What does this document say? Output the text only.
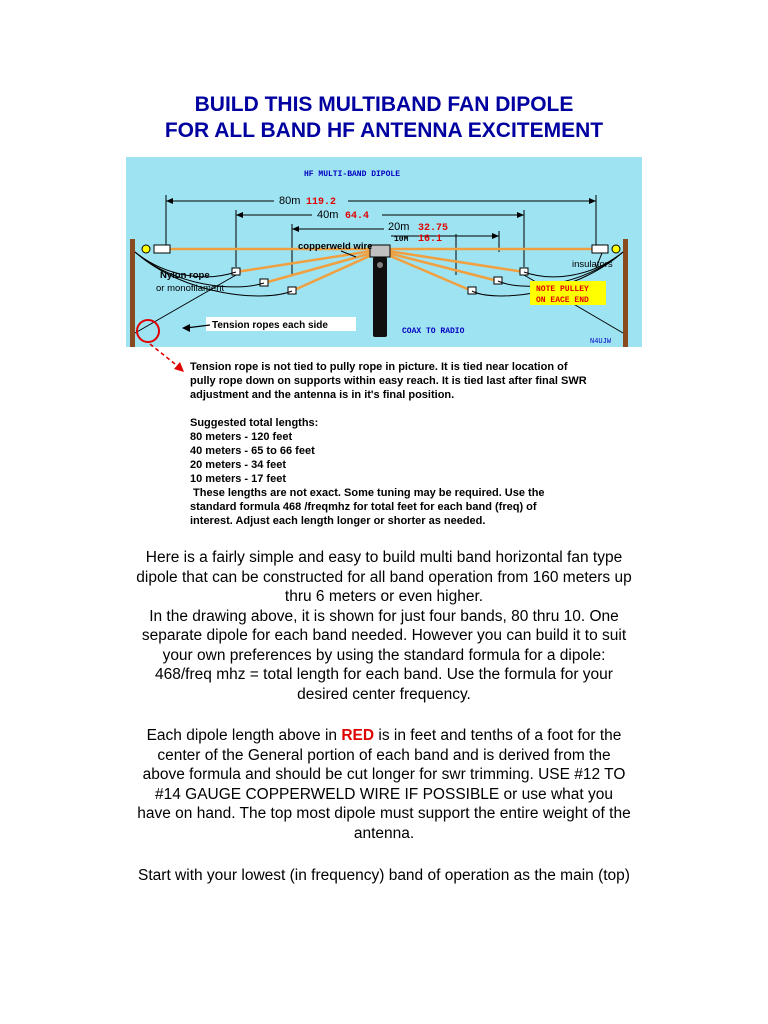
BUILD THIS MULTIBAND FAN DIPOLE
FOR ALL BAND HF ANTENNA EXCITEMENT
HF MULTI-BAND DIPOLE
80m 119.2
40m 64.4
20m 32.75
10M 16.1
copperweld wire
Nylon rope
or monofilament
insulators
NOTE PULLEY
ON EACE END
COAX TO RADIO
N4UJW
Tension ropes each side

Tension rope is not tied to pully rope in picture. It is tied near location of

pully rope down on supports within easy reach. It is tied last after final SWR

adjustment and the antenna is in it's final position.

Suggested total lengths:

80 meters - 120 feet

40 meters - 65 to 66 feet

20 meters - 34 feet

10 meters - 17 feet

These lengths are not exact. Some tuning may be required. Use the

standard formula 468 /freqmhz for total feet for each band (freq) of

interest. Adjust each length longer or shorter as needed.

Here is a fairly simple and easy to build multi band horizontal fan type

dipole that can be constructed for all band operation from 160 meters up

thru 6 meters or even higher.

In the drawing above, it is shown for just four bands, 80 thru 10. One

separate dipole for each band needed. However you can build it to suit

your own preferences by using the standard formula for a dipole:

468/freq mhz = total length for each band. Use the formula for your

desired center frequency.

Each dipole length above in RED is in feet and tenths of a foot for the

center of the General portion of each band and is derived from the

above formula and should be cut longer for swr trimming. USE #12 TO

#14 GAUGE COPPERWELD WIRE IF POSSIBLE or use what you

have on hand. The top most dipole must support the entire weight of the

antenna.

Start with your lowest (in frequency) band of operation as the main (top)
